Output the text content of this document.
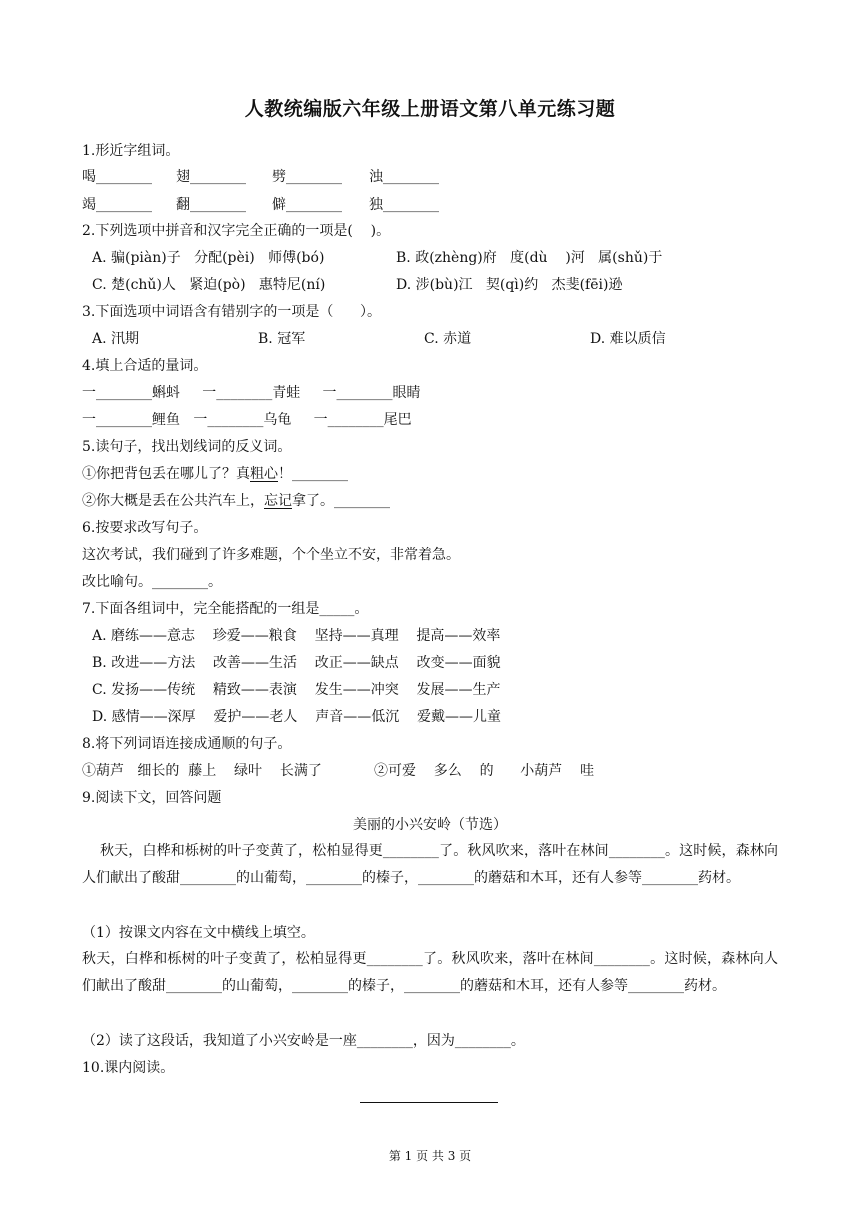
人教统编版六年级上册语文第八单元练习题
1.形近字组词。
喝________ 翅________ 劈________ 浊________
竭________ 翻________ 僻________ 独________
2.下列选项中拼音和汉字完全正确的一项是(    )。
A. 骗(piàn)子   分配(pèi)   师傅(bó)	B. 政(zhèng)府   度(dù    )河   属(shǔ)于
C. 楚(chǔ)人   紧迫(pò)   惠特尼(ní)	D. 涉(bù)江   契(qì)约   杰斐(fēi)逊
3.下面选项中词语含有错别字的一项是（      ）。
A. 汛期	B. 冠军	C. 赤道	D. 难以质信
4.填上合适的量词。
一________蝌蚪     一________青蛙     一________眼睛
一________鲤鱼   一________乌龟     一________尾巴
5.读句子，找出划线词的反义词。
①你把背包丢在哪儿了？真粗心！________
②你大概是丢在公共汽车上，忘记拿了。________
6.按要求改写句子。
这次考试，我们碰到了许多难题，个个坐立不安，非常着急。
改比喻句。________。
7.下面各组词中，完全能搭配的一组是_____。
A. 磨练——意志    珍爱——粮食    坚持——真理    提高——效率
B. 改进——方法    改善——生活    改正——缺点    改变——面貌
C. 发扬——传统    精致——表演    发生——冲突    发展——生产
D. 感情——深厚    爱护——老人    声音——低沉    爱戴——儿童
8.将下列词语连接成通顺的句子。
①葫芦   细长的  藤上    绿叶    长满了	②可爱    多么    的      小葫芦    哇
9.阅读下文，回答问题
美丽的小兴安岭（节选）
秋天，白桦和栎树的叶子变黄了，松柏显得更________了。秋风吹来，落叶在林间________。这时候，森林向人们献出了酸甜________的山葡萄，________的榛子，________的蘑菇和木耳，还有人参等________药材。
（1）按课文内容在文中横线上填空。
秋天，白桦和栎树的叶子变黄了，松柏显得更________了。秋风吹来，落叶在林间________。这时候，森林向人们献出了酸甜________的山葡萄，________的榛子，________的蘑菇和木耳，还有人参等________药材。
（2）读了这段话，我知道了小兴安岭是一座________，因为________。
10.课内阅读。
第 1 页 共 3 页
